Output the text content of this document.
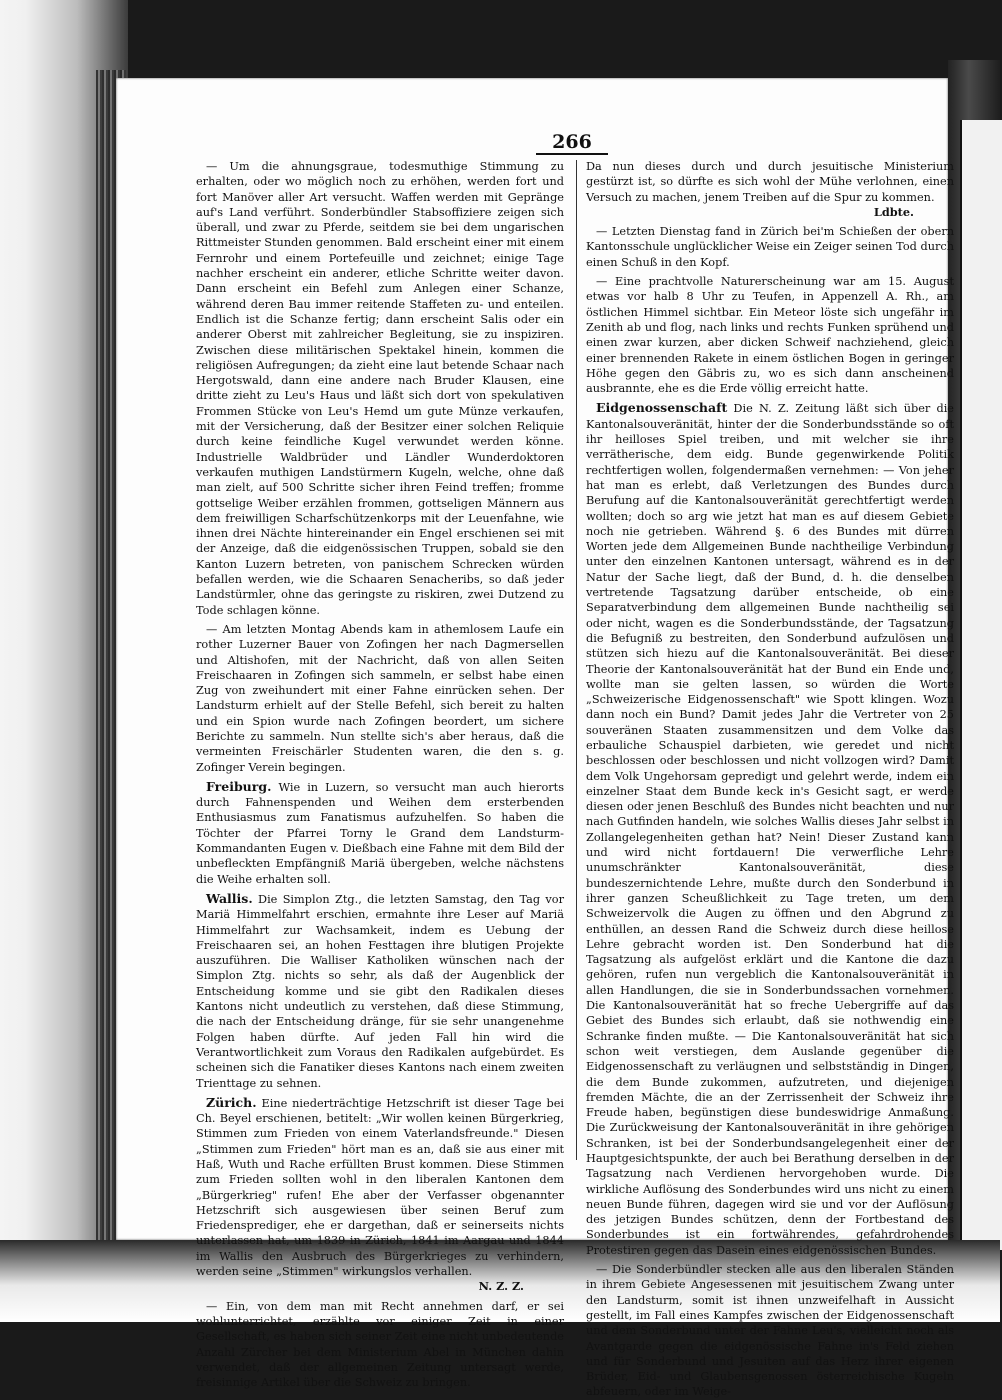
266

— Um die ahnungsgraue, todesmuthige Stimmung zu erhalten, oder wo möglich noch zu erhöhen, werden fort und fort Manöver aller Art versucht. Waffen werden mit Gepränge auf's Land verführt. Sonderbündler Stabsoffiziere zeigen sich überall, und zwar zu Pferde, seitdem sie bei dem ungarischen Rittmeister Stunden genommen. Bald erscheint einer mit einem Fernrohr und einem Portefeuille und zeichnet; einige Tage nachher erscheint ein anderer, etliche Schritte weiter davon. Dann erscheint ein Befehl zum Anlegen einer Schanze, während deren Bau immer reitende Staffeten zu- und enteilen. Endlich ist die Schanze fertig; dann erscheint Salis oder ein anderer Oberst mit zahlreicher Begleitung, sie zu inspiziren. Zwischen diese militärischen Spektakel hinein, kommen die religiösen Aufregungen; da zieht eine laut betende Schaar nach Hergotswald, dann eine andere nach Bruder Klausen, eine dritte zieht zu Leu's Haus und läßt sich dort von spekulativen Frommen Stücke von Leu's Hemd um gute Münze verkaufen, mit der Versicherung, daß der Besitzer einer solchen Reliquie durch keine feindliche Kugel verwundet werden könne. Industrielle Waldbrüder und Ländler Wunderdoktoren verkaufen muthigen Landstürmern Kugeln, welche, ohne daß man zielt, auf 500 Schritte sicher ihren Feind treffen; fromme gottselige Weiber erzählen frommen, gottseligen Männern aus dem freiwilligen Scharfschützenkorps mit der Leuenfahne, wie ihnen drei Nächte hintereinander ein Engel erschienen sei mit der Anzeige, daß die eidgenössischen Truppen, sobald sie den Kanton Luzern betreten, von panischem Schrecken würden befallen werden, wie die Schaaren Senacheribs, so daß jeder Landstürmler, ohne das geringste zu riskiren, zwei Dutzend zu Tode schlagen könne.

— Am letzten Montag Abends kam in athemlosem Laufe ein rother Luzerner Bauer von Zofingen her nach Dagmersellen und Altishofen, mit der Nachricht, daß von allen Seiten Freischaaren in Zofingen sich sammeln, er selbst habe einen Zug von zweihundert mit einer Fahne einrücken sehen. Der Landsturm erhielt auf der Stelle Befehl, sich bereit zu halten und ein Spion wurde nach Zofingen beordert, um sichere Berichte zu sammeln. Nun stellte sich's aber heraus, daß die vermeinten Freischärler Studenten waren, die den s. g. Zofinger Verein begingen.

Freiburg. Wie in Luzern, so versucht man auch hierorts durch Fahnenspenden und Weihen dem ersterbenden Enthusiasmus zum Fanatismus aufzuhelfen. So haben die Töchter der Pfarrei Torny le Grand dem Landsturm-Kommandanten Eugen v. Dießbach eine Fahne mit dem Bild der unbefleckten Empfängniß Mariä übergeben, welche nächstens die Weihe erhalten soll.

Wallis. Die Simplon Ztg., die letzten Samstag, den Tag vor Mariä Himmelfahrt erschien, ermahnte ihre Leser auf Mariä Himmelfahrt zur Wachsamkeit, indem es Uebung der Freischaaren sei, an hohen Festtagen ihre blutigen Projekte auszuführen. Die Walliser Katholiken wünschen nach der Simplon Ztg. nichts so sehr, als daß der Augenblick der Entscheidung komme und sie gibt den Radikalen dieses Kantons nicht undeutlich zu verstehen, daß diese Stimmung, die nach der Entscheidung dränge, für sie sehr unangenehme Folgen haben dürfte. Auf jeden Fall hin wird die Verantwortlichkeit zum Voraus den Radikalen aufgebürdet. Es scheinen sich die Fanatiker dieses Kantons nach einem zweiten Trienttage zu sehnen.

Zürich. Eine niederträchtige Hetzschrift ist dieser Tage bei Ch. Beyel erschienen, betitelt: „Wir wollen keinen Bürgerkrieg, Stimmen zum Frieden von einem Vaterlandsfreunde." Diesen „Stimmen zum Frieden" hört man es an, daß sie aus einer mit Haß, Wuth und Rache erfüllten Brust kommen. Diese Stimmen zum Frieden sollten wohl in den liberalen Kantonen dem „Bürgerkrieg" rufen! Ehe aber der Verfasser obgenannter Hetzschrift sich ausgewiesen über seinen Beruf zum Friedensprediger, ehe er dargethan, daß er seinerseits nichts unterlassen hat, um 1839 in Zürich, 1841 im Aargau und 1844 im Wallis den Ausbruch des Bürgerkrieges zu verhindern, werden seine „Stimmen" wirkungslos verhallen.
N. Z. Z.

— Ein, von dem man mit Recht annehmen darf, er sei wohlunterrichtet, erzählte vor einiger Zeit in einer Gesellschaft, es haben sich seiner Zeit eine nicht unbedeutende Anzahl Zürcher bei dem Ministerium Abel in München dahin verwendet, daß der allgemeinen Zeitung untersagt werde, freisinnige Artikel über die Schweiz zu bringen.

Da nun dieses durch und durch jesuitische Ministerium gestürzt ist, so dürfte es sich wohl der Mühe verlohnen, einen Versuch zu machen, jenem Treiben auf die Spur zu kommen.
Ldbte.

— Letzten Dienstag fand in Zürich bei'm Schießen der obern Kantonsschule unglücklicher Weise ein Zeiger seinen Tod durch einen Schuß in den Kopf.

— Eine prachtvolle Naturerscheinung war am 15. August etwas vor halb 8 Uhr zu Teufen, in Appenzell A. Rh., am östlichen Himmel sichtbar. Ein Meteor löste sich ungefähr im Zenith ab und flog, nach links und rechts Funken sprühend und einen zwar kurzen, aber dicken Schweif nachziehend, gleich einer brennenden Rakete in einem östlichen Bogen in geringer Höhe gegen den Gäbris zu, wo es sich dann anscheinend ausbrannte, ehe es die Erde völlig erreicht hatte.

Eidgenossenschaft Die N. Z. Zeitung läßt sich über die Kantonalsouveränität, hinter der die Sonderbundsstände so oft ihr heilloses Spiel treiben, und mit welcher sie ihre verrätherische, dem eidg. Bunde gegenwirkende Politik rechtfertigen wollen, folgendermaßen vernehmen: — Von jeher hat man es erlebt, daß Verletzungen des Bundes durch Berufung auf die Kantonalsouveränität gerechtfertigt werden wollten; doch so arg wie jetzt hat man es auf diesem Gebiete noch nie getrieben. Während §. 6 des Bundes mit dürren Worten jede dem Allgemeinen Bunde nachtheilige Verbindung unter den einzelnen Kantonen untersagt, während es in der Natur der Sache liegt, daß der Bund, d. h. die denselben vertretende Tagsatzung darüber entscheide, ob eine Separatverbindung dem allgemeinen Bunde nachtheilig sei oder nicht, wagen es die Sonderbundsstände, der Tagsatzung die Befugniß zu bestreiten, den Sonderbund aufzulösen und stützen sich hiezu auf die Kantonalsouveränität. Bei dieser Theorie der Kantonalsouveränität hat der Bund ein Ende und, wollte man sie gelten lassen, so würden die Worte „Schweizerische Eidgenossenschaft" wie Spott klingen. Wozu dann noch ein Bund? Damit jedes Jahr die Vertreter von 25 souveränen Staaten zusammensitzen und dem Volke das erbauliche Schauspiel darbieten, wie geredet und nicht beschlossen oder beschlossen und nicht vollzogen wird? Damit dem Volk Ungehorsam gepredigt und gelehrt werde, indem ein einzelner Staat dem Bunde keck in's Gesicht sagt, er werde diesen oder jenen Beschluß des Bundes nicht beachten und nur nach Gutfinden handeln, wie solches Wallis dieses Jahr selbst in Zollangelegenheiten gethan hat? Nein! Dieser Zustand kann und wird nicht fortdauern! Die verwerfliche Lehre unumschränkter Kantonalsouveränität, diese bundeszernichtende Lehre, mußte durch den Sonderbund in ihrer ganzen Scheußlichkeit zu Tage treten, um dem Schweizervolk die Augen zu öffnen und den Abgrund zu enthüllen, an dessen Rand die Schweiz durch diese heillose Lehre gebracht worden ist. Den Sonderbund hat die Tagsatzung als aufgelöst erklärt und die Kantone die dazu gehören, rufen nun vergeblich die Kantonalsouveränität in allen Handlungen, die sie in Sonderbundssachen vornehmen. Die Kantonalsouveränität hat so freche Uebergriffe auf das Gebiet des Bundes sich erlaubt, daß sie nothwendig eine Schranke finden mußte. — Die Kantonalsouveränität hat sich schon weit verstiegen, dem Auslande gegenüber die Eidgenossenschaft zu verläugnen und selbstständig in Dingen, die dem Bunde zukommen, aufzutreten, und diejenigen fremden Mächte, die an der Zerrissenheit der Schweiz ihre Freude haben, begünstigen diese bundeswidrige Anmaßung. Die Zurückweisung der Kantonalsouveränität in ihre gehörigen Schranken, ist bei der Sonderbundsangelegenheit einer der Hauptgesichtspunkte, der auch bei Berathung derselben in der Tagsatzung nach Verdienen hervorgehoben wurde. Die wirkliche Auflösung des Sonderbundes wird uns nicht zu einem neuen Bunde führen, dagegen wird sie und vor der Auflösung des jetzigen Bundes schützen, denn der Fortbestand des Sonderbundes ist ein fortwährendes, gefahrdrohendes Protestiren gegen das Dasein eines eidgenössischen Bundes.

— Die Sonderbündler stecken alle aus den liberalen Ständen in ihrem Gebiete Angesessenen mit jesuitischem Zwang unter den Landsturm, somit ist ihnen unzweifelhaft in Aussicht gestellt, im Fall eines Kampfes zwischen der Eidgenossenschaft und dem Sonderbund unter der Fahne Leu's, vielleicht noch als Avantgarde gegen die eidgenössische Fahne in's Feld ziehen und für Sonderbund und Jesuiten auf das Herz ihrer eigenen Brüder, Eid- und Glaubensgenossen österreichische Kugeln abfeuern, oder im Weige-
